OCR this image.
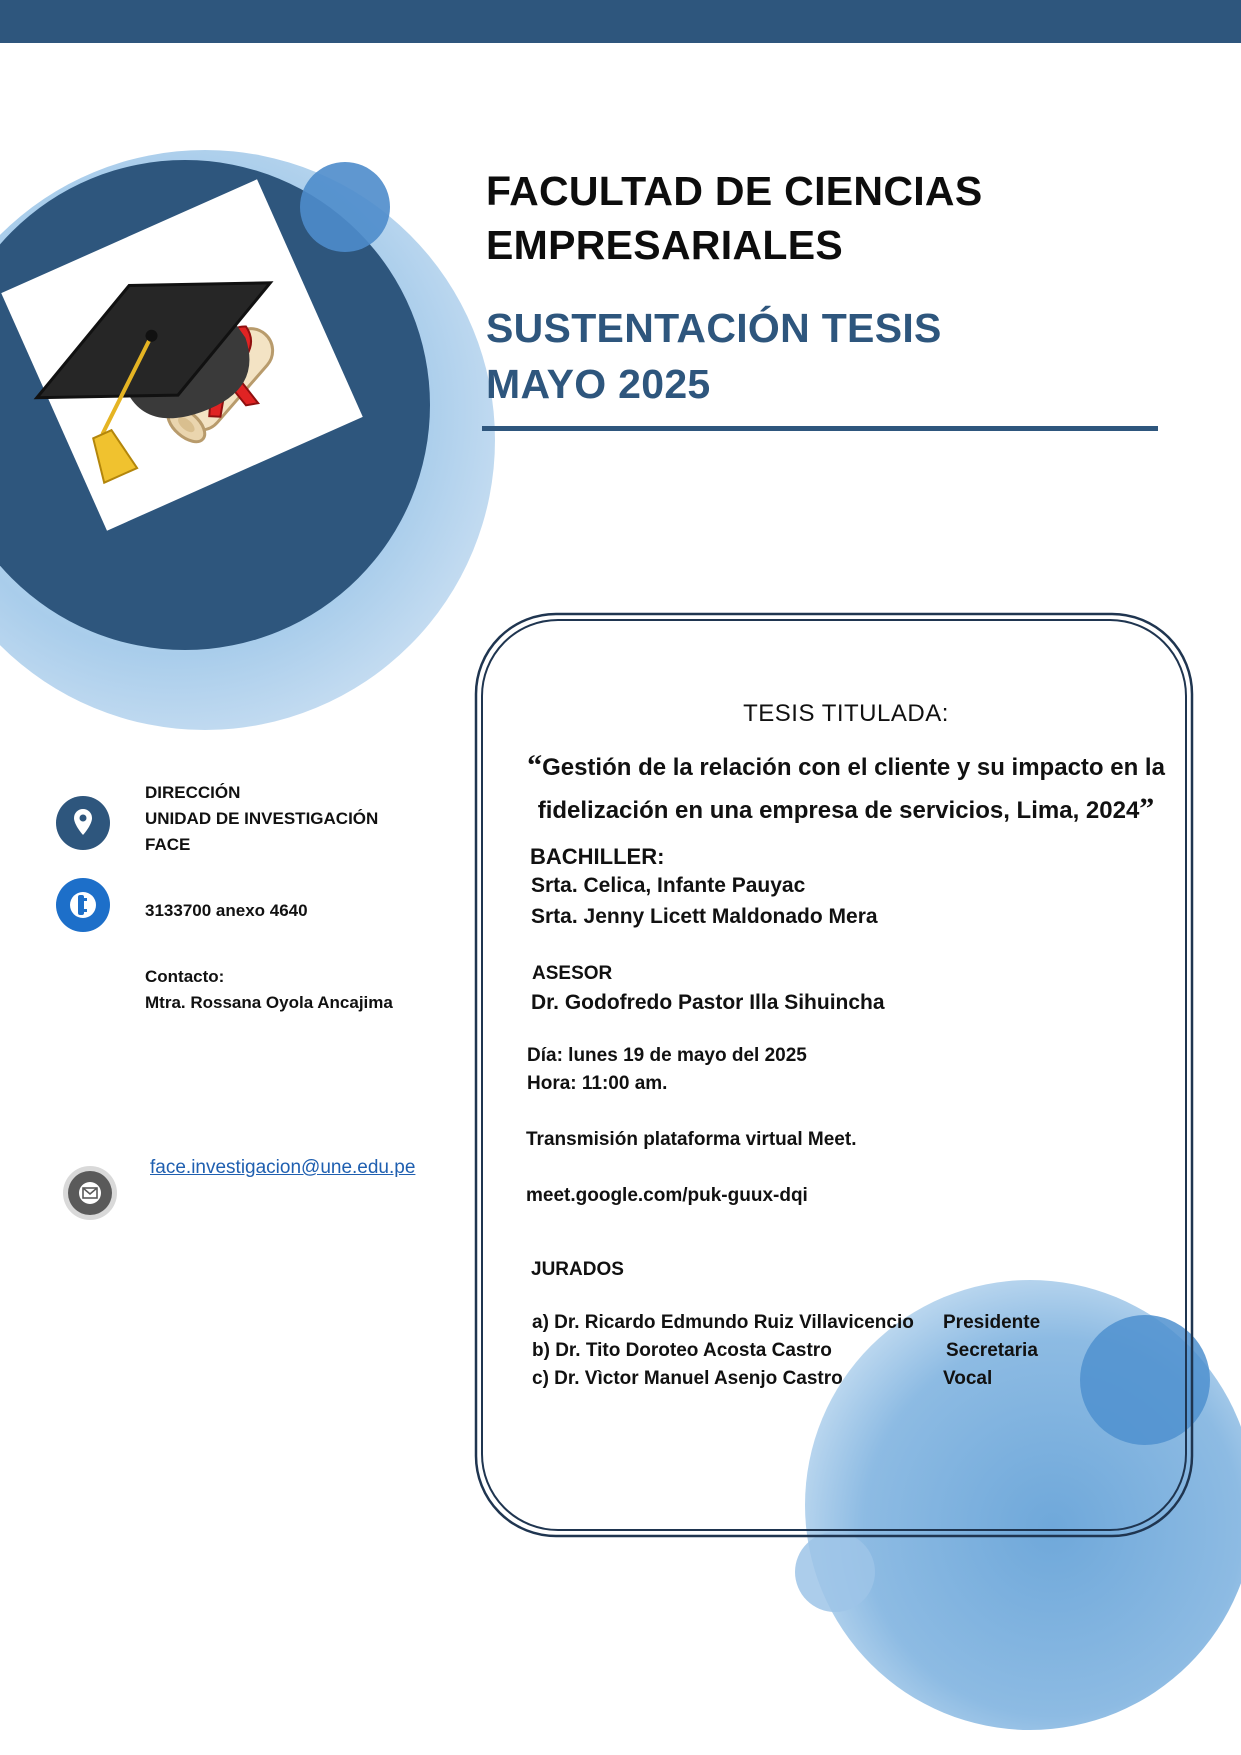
FACULTAD DE CIENCIAS
EMPRESARIALES
SUSTENTACIÓN TESIS
MAYO 2025
DIRECCIÓN
UNIDAD DE INVESTIGACIÓN
FACE
3133700 anexo 4640
Contacto:
Mtra. Rossana Oyola Ancajima
face.investigacion@une.edu.pe
TESIS TITULADA:
“Gestión de la relación con el cliente y su impacto en la
fidelización en una empresa de servicios, Lima, 2024”
BACHILLER:
Srta. Celica, Infante Pauyac
Srta. Jenny Licett Maldonado Mera
ASESOR
Dr. Godofredo Pastor Illa Sihuincha
Día: lunes 19 de mayo del 2025
Hora: 11:00 am.
Transmisión plataforma virtual Meet.
meet.google.com/puk-guux-dqi
JURADOS
a) Dr. Ricardo Edmundo Ruiz Villavicencio Presidente
b) Dr. Tito Doroteo Acosta Castro	Secretaria
c) Dr. Vìctor Manuel Asenjo Castro	Vocal
